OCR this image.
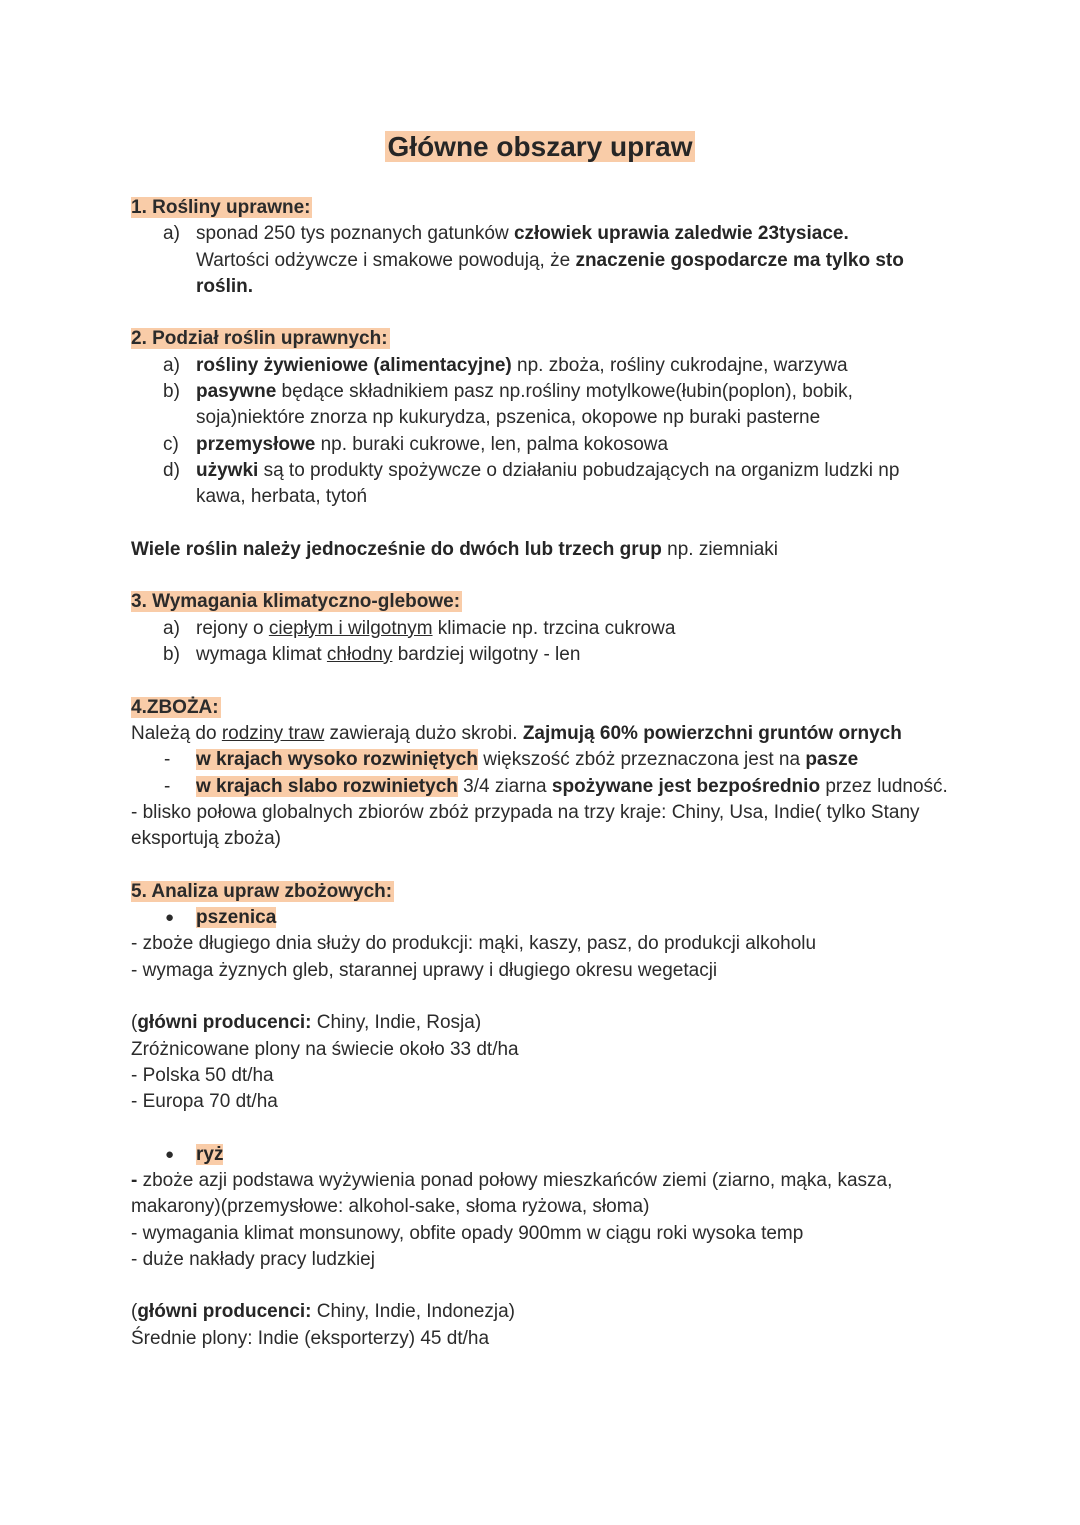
Główne obszary upraw

1. Rośliny uprawne:

a) sponad 250 tys poznanych gatunków człowiek uprawia zaledwie 23tysiace.
Wartości odżywcze i smakowe powodują, że znaczenie gospodarcze ma tylko sto roślin.

2. Podział roślin uprawnych:

a) rośliny żywieniowe (alimentacyjne) np. zboża, rośliny cukrodajne, warzywa
b) pasywne będące składnikiem pasz np.rośliny motylkowe(łubin(poplon), bobik, soja)niektóre znorza np kukurydza, pszenica, okopowe np buraki pasterne
c) przemysłowe np. buraki cukrowe, len, palma kokosowa
d) używki są to produkty spożywcze o działaniu pobudzających na organizm ludzki np kawa, herbata, tytoń

Wiele roślin należy jednocześnie do dwóch lub trzech grup np. ziemniaki

3. Wymagania klimatyczno-glebowe:

a) rejony o ciepłym i wilgotnym klimacie np. trzcina cukrowa
b) wymaga klimat chłodny bardziej wilgotny - len

4.ZBOŻA:

Należą do rodziny traw zawierają dużo skrobi. Zajmują 60% powierzchni gruntów ornych

- w krajach wysoko rozwiniętych większość zbóż przeznaczona jest na pasze
- w krajach slabo rozwinietych 3/4 ziarna spożywane jest bezpośrednio przez ludność.

- blisko połowa globalnych zbiorów zbóż przypada na trzy kraje: Chiny, Usa, Indie( tylko Stany eksportują zboża)

5. Analiza upraw zbożowych:

● pszenica

- zboże długiego dnia służy do produkcji: mąki, kaszy, pasz, do produkcji alkoholu

- wymaga żyznych gleb, starannej uprawy i długiego okresu wegetacji

(główni producenci: Chiny, Indie, Rosja)

Zróżnicowane plony na świecie około 33 dt/ha

- Polska 50 dt/ha

- Europa 70 dt/ha

● ryż

- zboże azji podstawa wyżywienia ponad połowy mieszkańców ziemi (ziarno, mąka, kasza, makarony)(przemysłowe: alkohol-sake, słoma ryżowa, słoma)

- wymagania klimat monsunowy, obfite opady 900mm w ciągu roki wysoka temp

- duże nakłady pracy ludzkiej

(główni producenci: Chiny, Indie, Indonezja)

Średnie plony: Indie (eksporterzy) 45 dt/ha
